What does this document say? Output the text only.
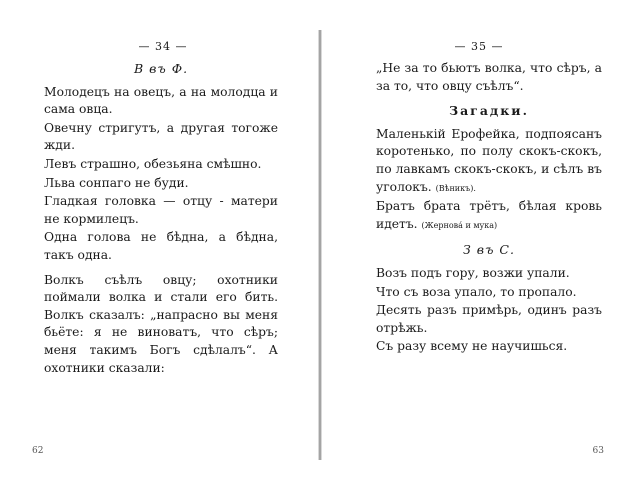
— 34 —
В въ Ф.

Молодецъ на овецъ, а на молодца и сама овца.

Овечну стригутъ, а другая тогоже жди.

Левъ страшно, обезьяна смѣшно.

Льва сонпаго не буди.

Гладкая головка — отцу - матери не кормилецъ.

Одна голова не бѣдна, а бѣдна, такъ одна.

Волкъ съѣлъ овцу; охотники поймали волка и стали его бить. Волкъ сказалъ: „напрасно вы меня бьёте: я не виноватъ, что сѣръ; меня такимъ Богъ сдѣлалъ“. А охотники сказали:

62
— 35 —

„Не за то бьютъ волка, что сѣръ, а за то, что овцу съѣлъ“.

Загадки.

Маленькій Ерофейка, подпоясанъ коротенько, по полу скокъ-скокъ, по лавкамъ скокъ-скокъ, и сѣлъ въ уголокъ. (Вѣникъ).

Братъ брата трётъ, бѣлая кровь идетъ. (Жерновá и мука)

З въ С.

Возъ подъ гору, возжи упали.

Что съ воза упало, то пропало.

Десять разъ примѣрь, одинъ разъ отрѣжь.

Съ разу всему не научишься.

63
